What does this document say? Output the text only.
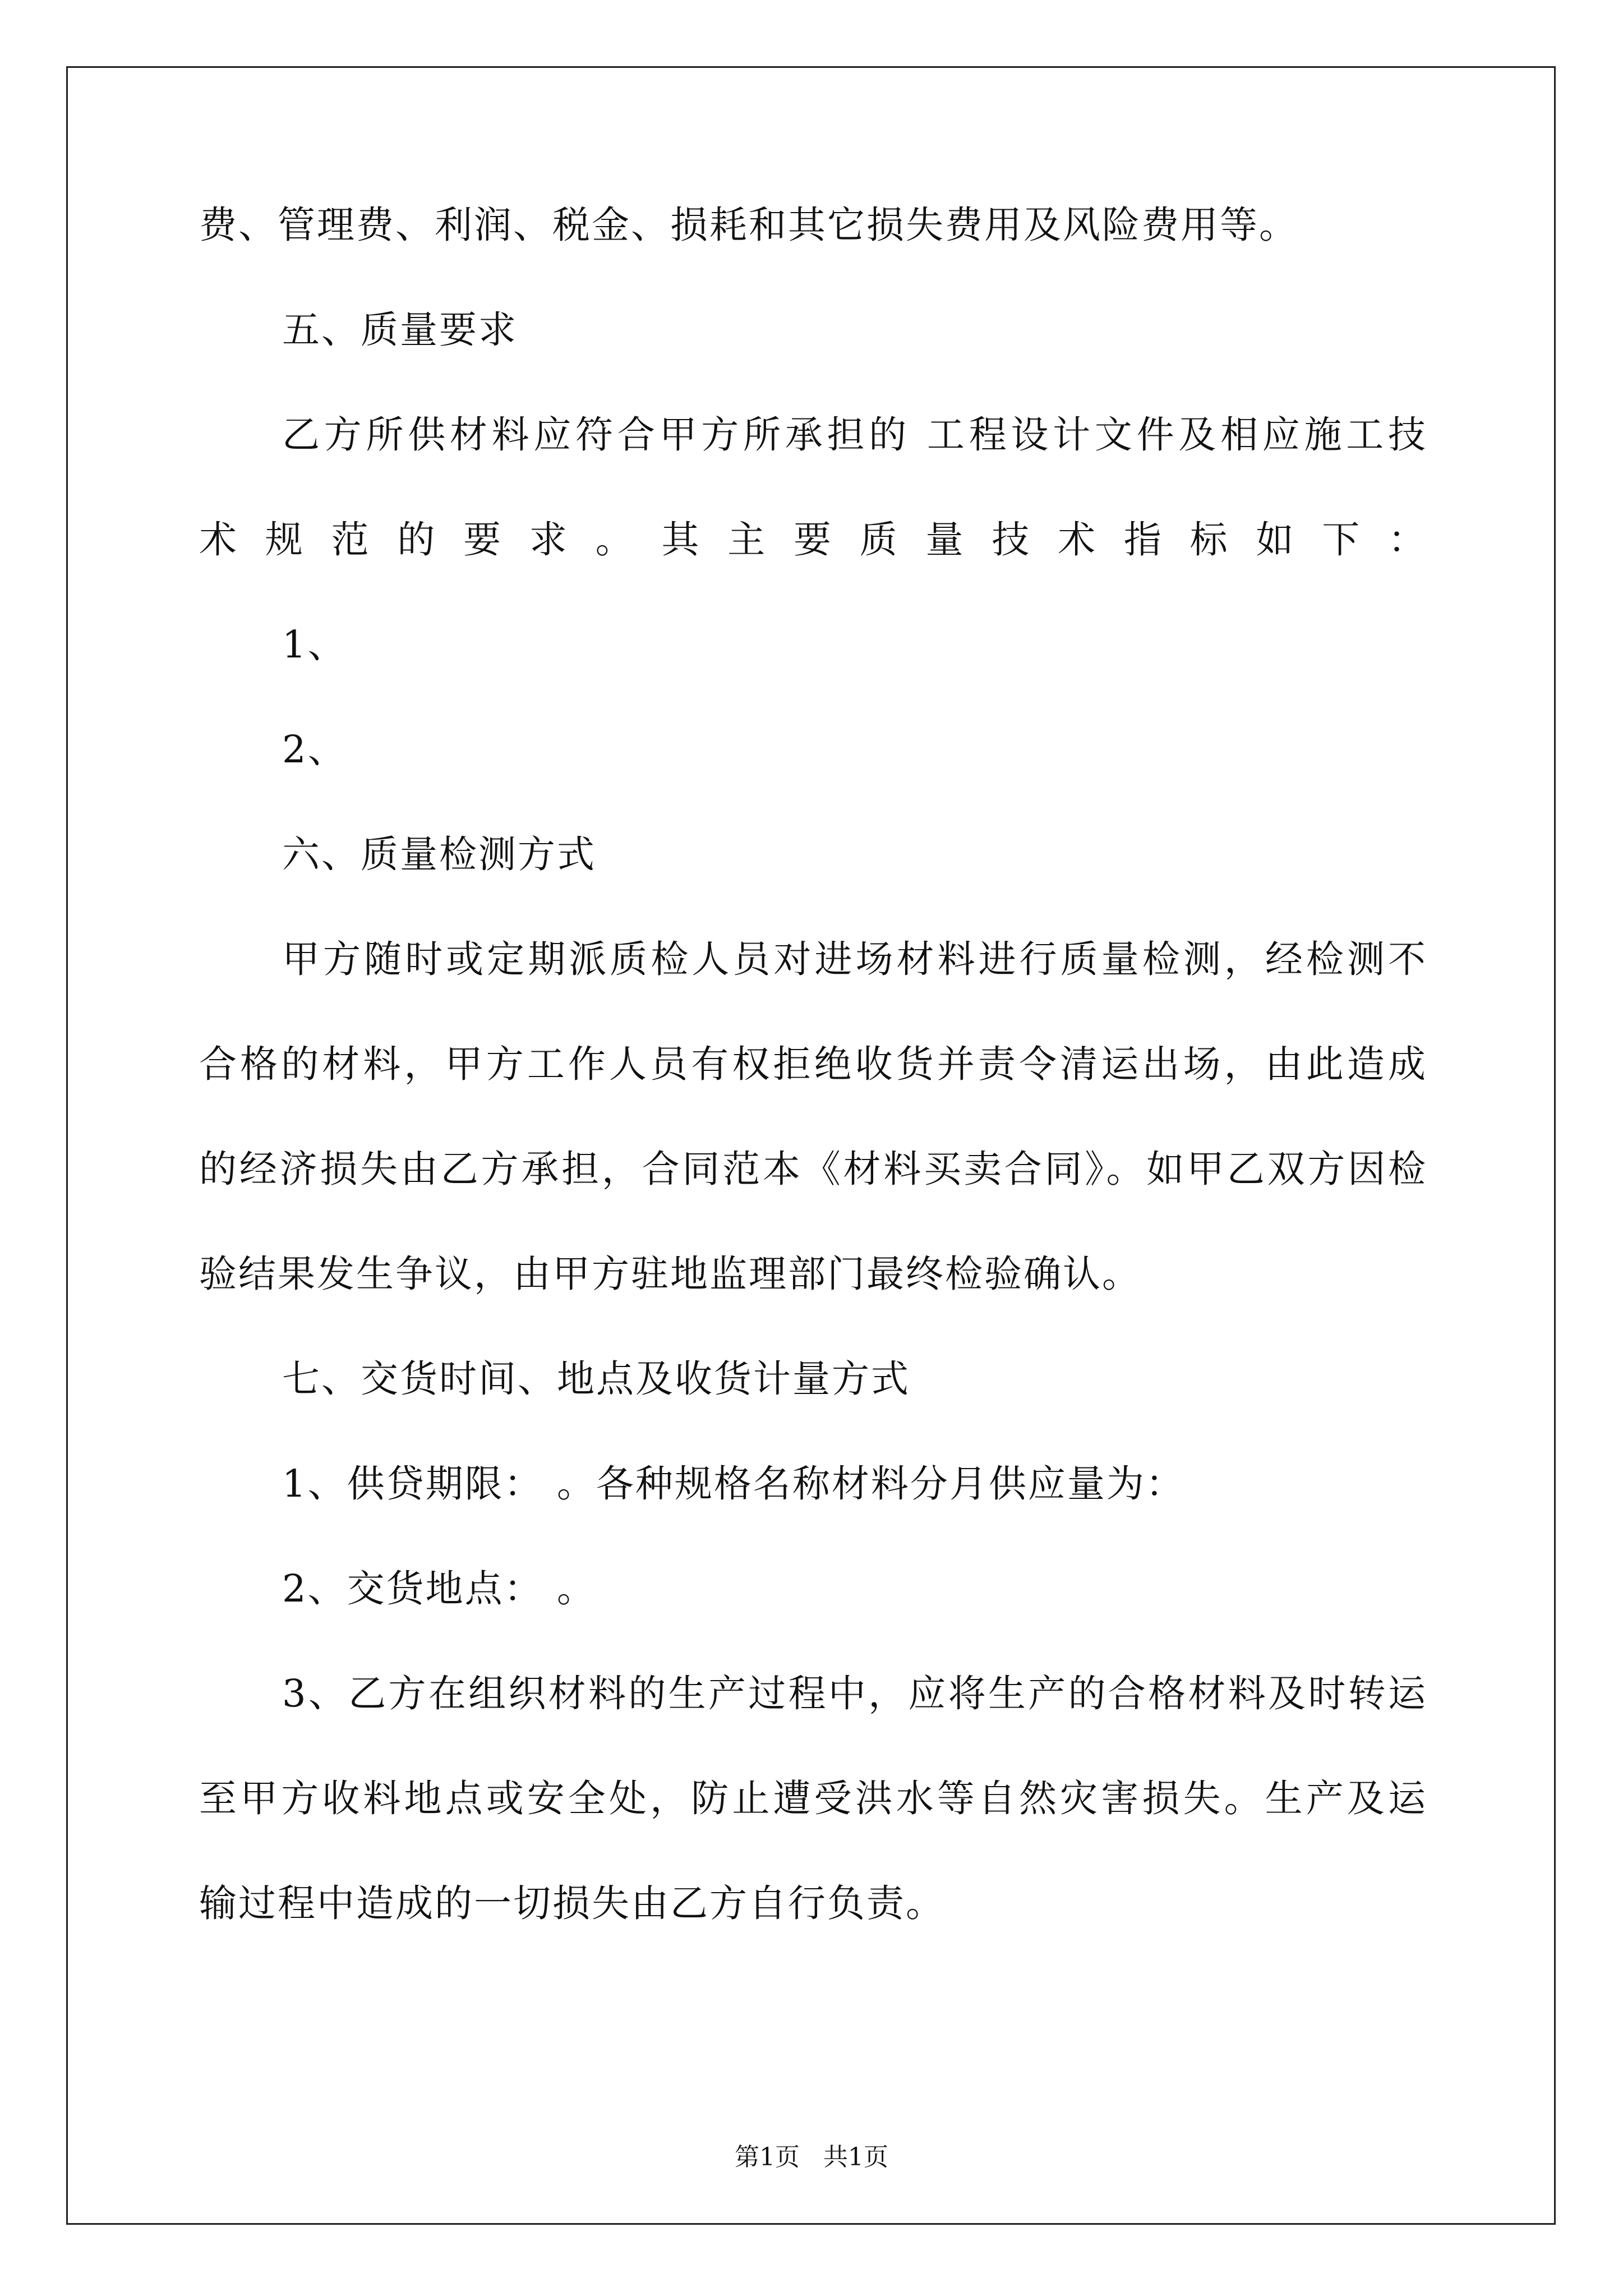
费、管理费、利润、税金、损耗和其它损失费用及风险费用等。
五、质量要求
乙方所供材料应符合甲方所承担的 工程设计文件及相应施工技
术规范的要求。其主要质量技术指标如下：
1、
2、
六、质量检测方式
甲方随时或定期派质检人员对进场材料进行质量检测，经检测不
合格的材料，甲方工作人员有权拒绝收货并责令清运出场，由此造成
的经济损失由乙方承担，合同范本《材料买卖合同》。如甲乙双方因检
验结果发生争议，由甲方驻地监理部门最终检验确认。
七、交货时间、地点及收货计量方式
1、供贷期限： 。各种规格名称材料分月供应量为：
2、交货地点： 。
3、乙方在组织材料的生产过程中，应将生产的合格材料及时转运
至甲方收料地点或安全处，防止遭受洪水等自然灾害损失。生产及运
输过程中造成的一切损失由乙方自行负责。
第1页   共1页
